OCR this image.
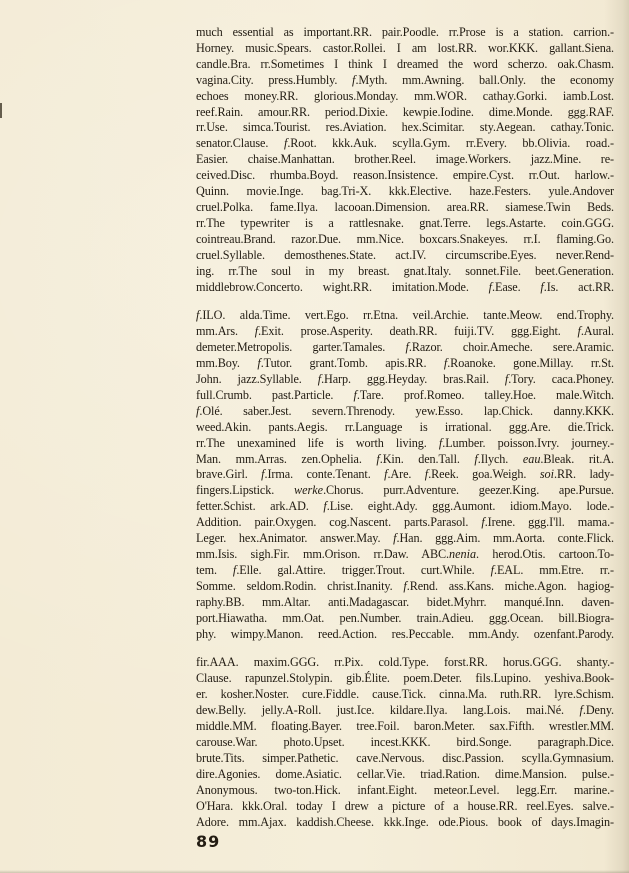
much essential as important.RR. pair.Poodle. rr.Prose is a station. carrion.-
Horney. music.Spears. castor.Rollei. I am lost.RR. wor.KKK. gallant.Siena.
candle.Bra. rr.Sometimes I think I dreamed the word scherzo. oak.Chasm.
vagina.City. press.Humbly. f.Myth. mm.Awning. ball.Only. the economy
echoes money.RR. glorious.Monday. mm.WOR. cathay.Gorki. iamb.Lost.
reef.Rain. amour.RR. period.Dixie. kewpie.Iodine. dime.Monde. ggg.RAF.
rr.Use. simca.Tourist. res.Aviation. hex.Scimitar. sty.Aegean. cathay.Tonic.
senator.Clause. f.Root. kkk.Auk. scylla.Gym. rr.Every. bb.Olivia. road.-
Easier. chaise.Manhattan. brother.Reel. image.Workers. jazz.Mine. re-
ceived.Disc. rhumba.Boyd. reason.Insistence. empire.Cyst. rr.Out. harlow.-
Quinn. movie.Inge. bag.Tri-X. kkk.Elective. haze.Festers. yule.Andover
cruel.Polka. fame.Ilya. lacooan.Dimension. area.RR. siamese.Twin Beds.
rr.The typewriter is a rattlesnake. gnat.Terre. legs.Astarte. coin.GGG.
cointreau.Brand. razor.Due. mm.Nice. boxcars.Snakeyes. rr.I. flaming.Go.
cruel.Syllable. demosthenes.State. act.IV. circumscribe.Eyes. never.Rend-
ing. rr.The soul in my breast. gnat.Italy. sonnet.File. beet.Generation.
middlebrow.Concerto. wight.RR. imitation.Mode. f.Ease. f.Is. act.RR.
f.ILO. alda.Time. vert.Ego. rr.Etna. veil.Archie. tante.Meow. end.Trophy.
mm.Ars. f.Exit. prose.Asperity. death.RR. fuiji.TV. ggg.Eight. f.Aural.
demeter.Metropolis. garter.Tamales. f.Razor. choir.Ameche. sere.Aramic.
mm.Boy. f.Tutor. grant.Tomb. apis.RR. f.Roanoke. gone.Millay. rr.St.
John. jazz.Syllable. f.Harp. ggg.Heyday. bras.Rail. f.Tory. caca.Phoney.
full.Crumb. past.Particle. f.Tare. prof.Romeo. talley.Hoe. male.Witch.
f.Olé. saber.Jest. severn.Threnody. yew.Esso. lap.Chick. danny.KKK.
weed.Akin. pants.Aegis. rr.Language is irrational. ggg.Are. die.Trick.
rr.The unexamined life is worth living. f.Lumber. poisson.Ivry. journey.-
Man. mm.Arras. zen.Ophelia. f.Kin. den.Tall. f.Ilych. eau.Bleak. rit.A.
brave.Girl. f.Irma. conte.Tenant. f.Are. f.Reek. goa.Weigh. soi.RR. lady-
fingers.Lipstick. werke.Chorus. purr.Adventure. geezer.King. ape.Pursue.
fetter.Schist. ark.AD. f.Lise. eight.Ady. ggg.Aumont. idiom.Mayo. lode.-
Addition. pair.Oxygen. cog.Nascent. parts.Parasol. f.Irene. ggg.I'll. mama.-
Leger. hex.Animator. answer.May. f.Han. ggg.Aim. mm.Aorta. conte.Flick.
mm.Isis. sigh.Fir. mm.Orison. rr.Daw. ABC.nenia. herod.Otis. cartoon.To-
tem. f.Elle. gal.Attire. trigger.Trout. curt.While. f.EAL. mm.Etre. rr.-
Somme. seldom.Rodin. christ.Inanity. f.Rend. ass.Kans. miche.Agon. hagiog-
raphy.BB. mm.Altar. anti.Madagascar. bidet.Myhrr. manqué.Inn. daven-
port.Hiawatha. mm.Oat. pen.Number. train.Adieu. ggg.Ocean. bill.Biogra-
phy. wimpy.Manon. reed.Action. res.Peccable. mm.Andy. ozenfant.Parody.
fir.AAA. maxim.GGG. rr.Pix. cold.Type. forst.RR. horus.GGG. shanty.-
Clause. rapunzel.Stolypin. gib.Élite. poem.Deter. fils.Lupino. yeshiva.Book-
er. kosher.Noster. cure.Fiddle. cause.Tick. cinna.Ma. ruth.RR. lyre.Schism.
dew.Belly. jelly.A-Roll. just.Ice. kildare.Ilya. lang.Lois. mai.Né. f.Deny.
middle.MM. floating.Bayer. tree.Foil. baron.Meter. sax.Fifth. wrestler.MM.
carouse.War. photo.Upset. incest.KKK. bird.Songe. paragraph.Dice.
brute.Tits. simper.Pathetic. cave.Nervous. disc.Passion. scylla.Gymnasium.
dire.Agonies. dome.Asiatic. cellar.Vie. triad.Ration. dime.Mansion. pulse.-
Anonymous. two-ton.Hick. infant.Eight. meteor.Level. legg.Err. marine.-
O'Hara. kkk.Oral. today I drew a picture of a house.RR. reel.Eyes. salve.-
Adore. mm.Ajax. kaddish.Cheese. kkk.Inge. ode.Pious. book of days.Imagin-
89
